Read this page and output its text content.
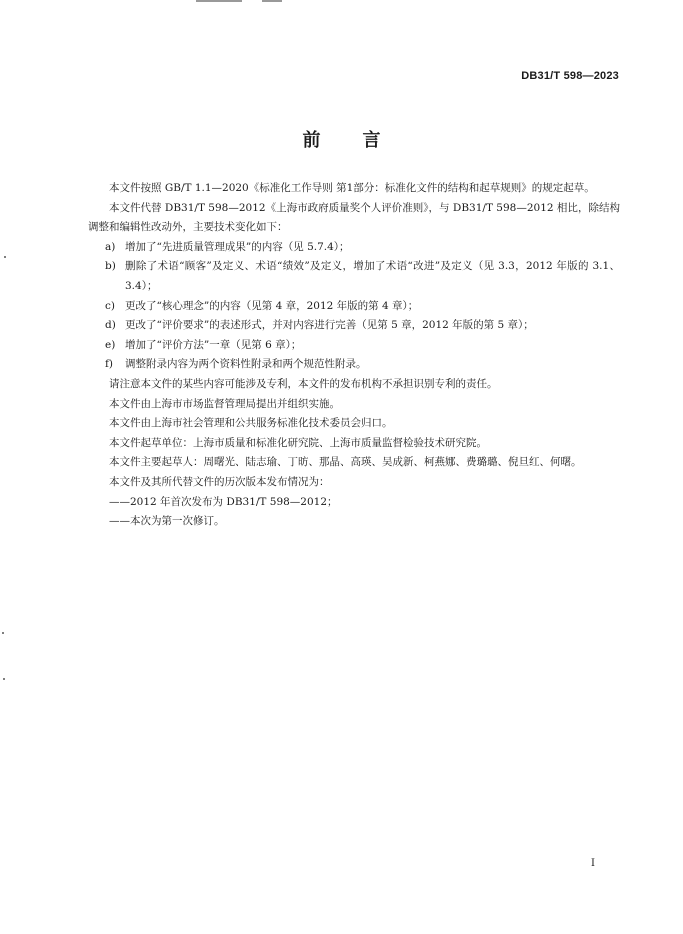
DB31/T 598—2023
前言

本文件按照 GB/T 1.1—2020《标准化工作导则 第1部分：标准化文件的结构和起草规则》的规定起草。

本文件代替 DB31/T 598—2012《上海市政府质量奖个人评价准则》，与 DB31/T 598—2012 相比，除结构调整和编辑性改动外，主要技术变化如下：

a) 增加了“先进质量管理成果”的内容（见 5.7.4）；

b) 删除了术语“顾客”及定义、术语“绩效”及定义，增加了术语“改进”及定义（见 3.3，2012 年版的 3.1、3.4）；

c) 更改了“核心理念”的内容（见第 4 章，2012 年版的第 4 章）；

d) 更改了“评价要求”的表述形式，并对内容进行完善（见第 5 章，2012 年版的第 5 章）；

e) 增加了“评价方法”一章（见第 6 章）；

f) 调整附录内容为两个资料性附录和两个规范性附录。

请注意本文件的某些内容可能涉及专利，本文件的发布机构不承担识别专利的责任。

本文件由上海市市场监督管理局提出并组织实施。

本文件由上海市社会管理和公共服务标准化技术委员会归口。

本文件起草单位：上海市质量和标准化研究院、上海市质量监督检验技术研究院。

本文件主要起草人：周曙光、陆志瑜、丁昉、那晶、高瑛、吴成新、柯燕娜、费璐璐、倪旦红、何曙。

本文件及其所代替文件的历次版本发布情况为：

——2012 年首次发布为 DB31/T 598—2012；

——本次为第一次修订。

I
